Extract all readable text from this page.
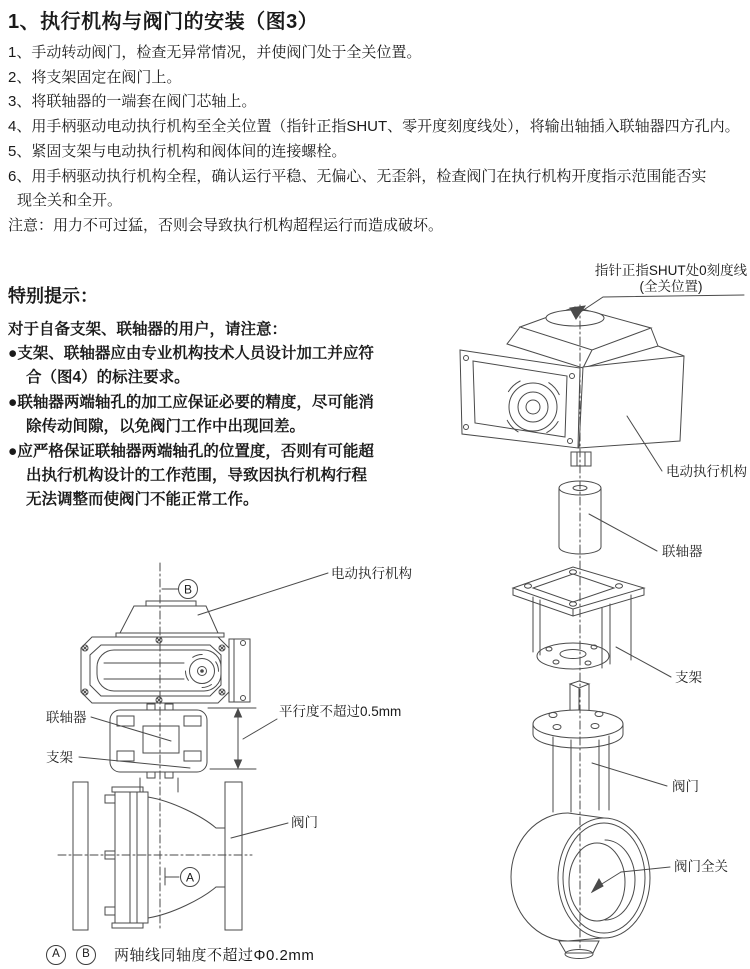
1、执行机构与阀门的安装（图3）
1、手动转动阀门，检查无异常情况，并使阀门处于全关位置。
2、将支架固定在阀门上。
3、将联轴器的一端套在阀门芯轴上。
4、用手柄驱动电动执行机构至全关位置（指针正指SHUT、零开度刻度线处），将输出轴插入联轴器四方孔内。
5、紧固支架与电动执行机构和阀体间的连接螺栓。
6、用手柄驱动执行机构全程，确认运行平稳、无偏心、无歪斜，检查阀门在执行机构开度指示范围能否实现全关和全开。
注意：用力不可过猛，否则会导致执行机构超程运行而造成破坏。
特别提示：
对于自备支架、联轴器的用户，请注意：
●支架、联轴器应由专业机构技术人员设计加工并应符合（图4）的标注要求。
●联轴器两端轴孔的加工应保证必要的精度，尽可能消除传动间隙，以免阀门工作中出现回差。
●应严格保证联轴器两端轴孔的位置度，否则有可能超出执行机构设计的工作范围，导致因执行机构行程无法调整而使阀门不能正常工作。
B
A
电动执行机构
联轴器
支架
平行度不超过0.5mm
阀门
指针正指SHUT处0刻度线
(全关位置)
电动执行机构
联轴器
支架
阀门
阀门全关
A	B	两轴线同轴度不超过Φ0.2mm
